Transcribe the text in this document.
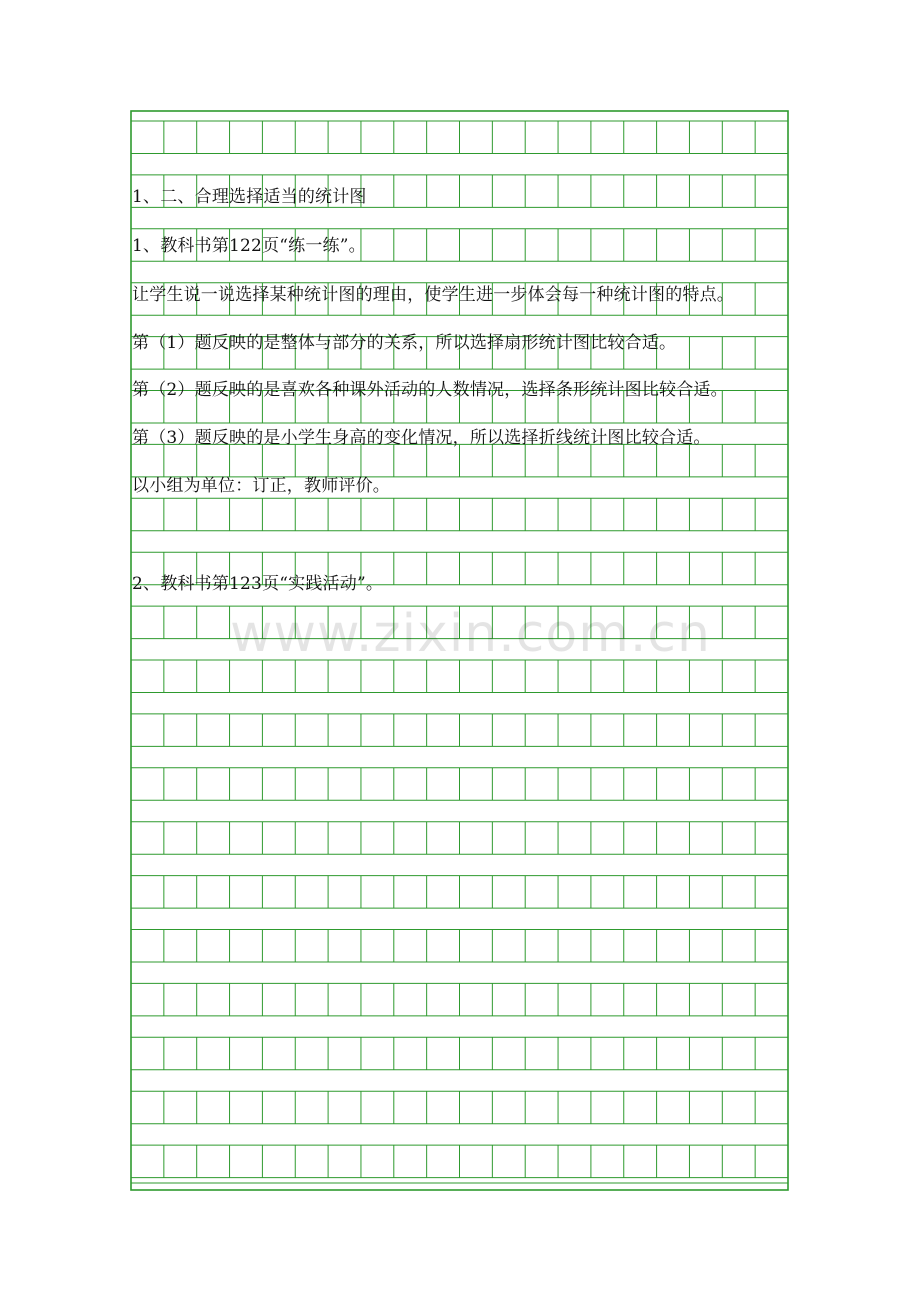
1、二、合理选择适当的统计图
1、教科书第122页“练一练”。
让学生说一说选择某种统计图的理由，使学生进一步体会每一种统计图的特点。
第（1）题反映的是整体与部分的关系，所以选择扇形统计图比较合适。
第（2）题反映的是喜欢各种课外活动的人数情况，选择条形统计图比较合适。
第（3）题反映的是小学生身高的变化情况，所以选择折线统计图比较合适。
以小组为单位：订正，教师评价。
2、教科书第123页“实践活动”。
www.zixin.com.cn
